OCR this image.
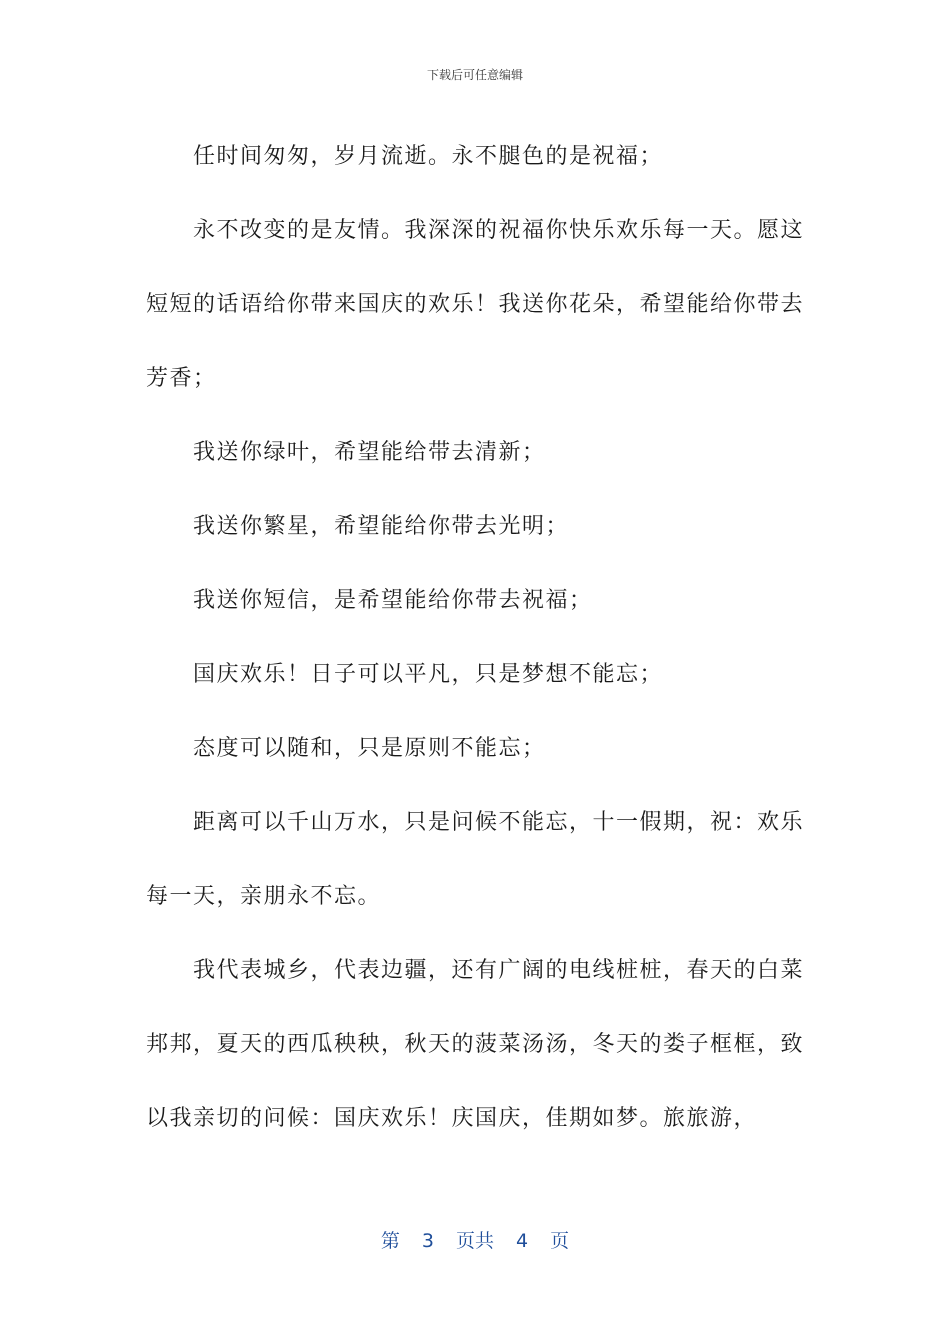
下载后可任意编辑

任时间匆匆，岁月流逝。永不腿色的是祝福；

永不改变的是友情。我深深的祝福你快乐欢乐每一天。愿这短短的话语给你带来国庆的欢乐！我送你花朵，希望能给你带去芳香；

我送你绿叶，希望能给带去清新；

我送你繁星，希望能给你带去光明；

我送你短信，是希望能给你带去祝福；

国庆欢乐！日子可以平凡，只是梦想不能忘；

态度可以随和，只是原则不能忘；

距离可以千山万水，只是问候不能忘，十一假期，祝：欢乐每一天，亲朋永不忘。

我代表城乡，代表边疆，还有广阔的电线桩桩，春天的白菜邦邦，夏天的西瓜秧秧，秋天的菠菜汤汤，冬天的娄子框框，致以我亲切的问候：国庆欢乐！庆国庆，佳期如梦。旅旅游，

第 3 页共 4 页
